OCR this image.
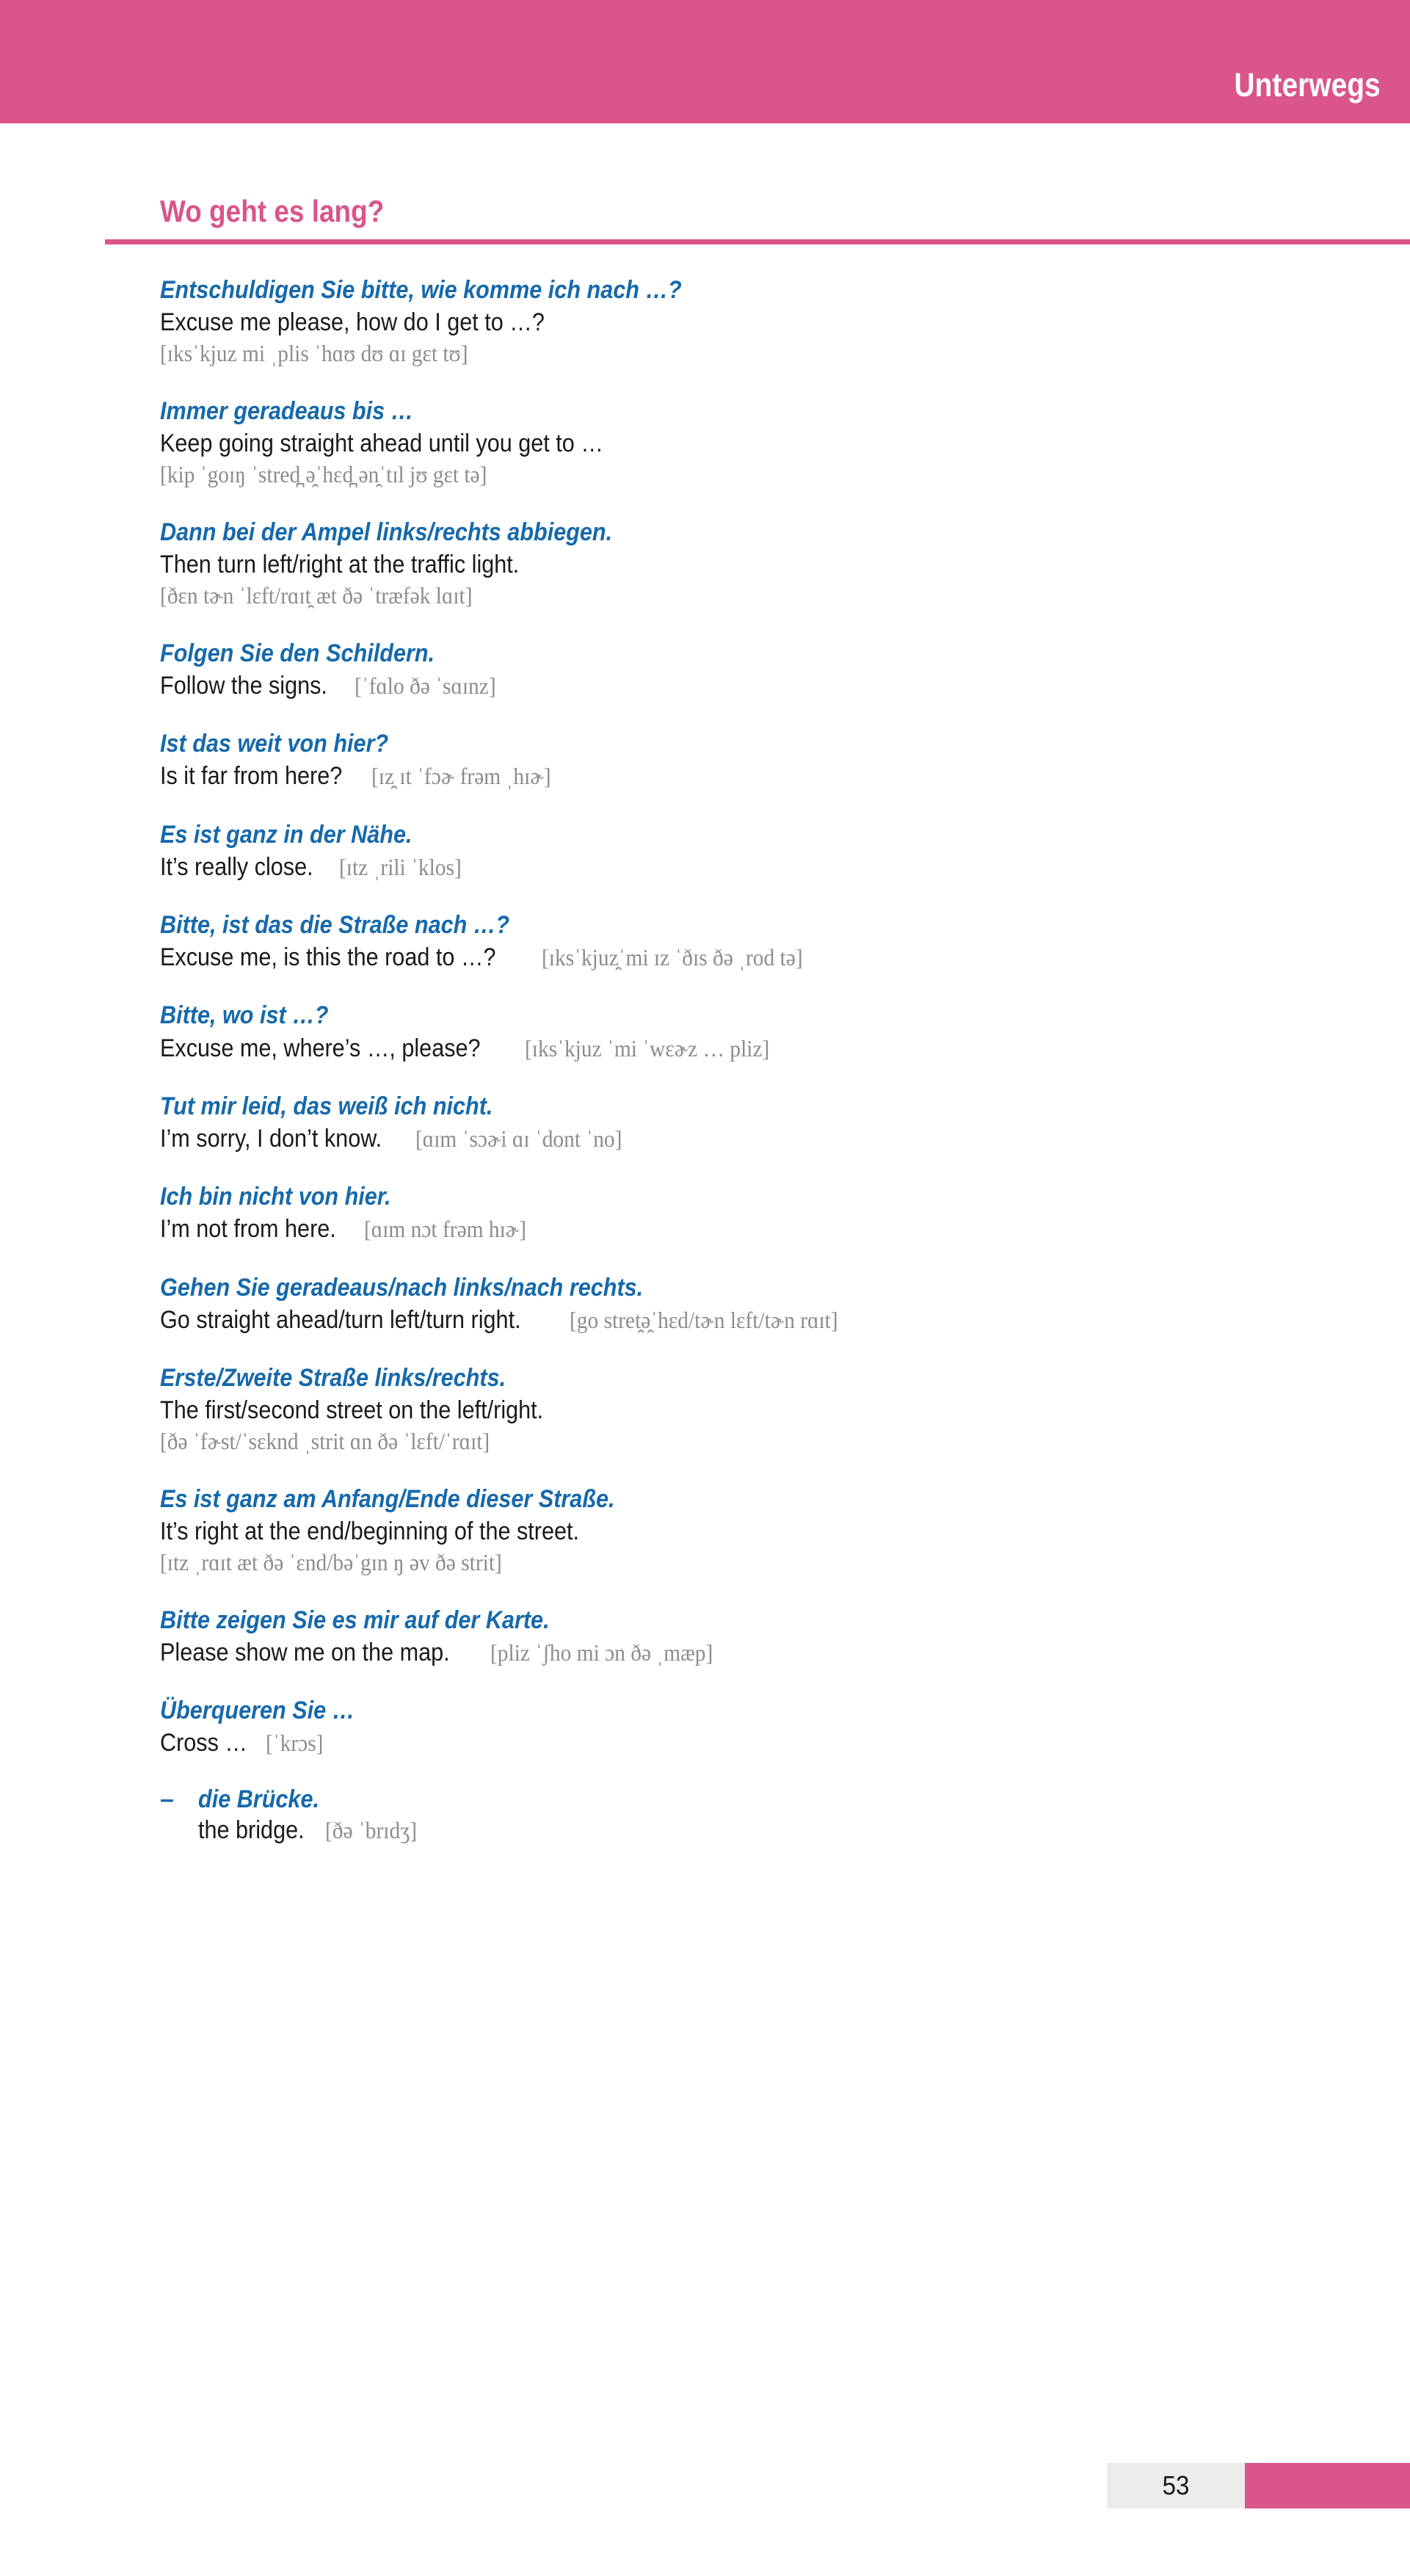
Unterwegs
Wo geht es lang?
Entschuldigen Sie bitte, wie komme ich nach …?
Excuse me please, how do I get to …?
[ɪksˈkjuz mi ˌplis ˈhɑʊ dʊ ɑɪ gɛt tʊ]
Immer geradeaus bis …
Keep going straight ahead until you get to …
[kip ˈgoɪŋ ˈstred̪ ə̯ˈhɛd̪ ən̯ˈtɪl jʊ gɛt tə]
Dann bei der Ampel links/rechts abbiegen.
Then turn left/right at the traffic light.
[ðɛn tɚn ˈlɛft/rɑɪt̯ æt ðə ˈtræfək lɑɪt]
Folgen Sie den Schildern.
Follow the signs. [ˈfɑlo ðə ˈsɑɪnz]
Ist das weit von hier?
Is it far from here? [ɪz̯ ɪt ˈfɔɚ frəm ˌhɪɚ]
Es ist ganz in der Nähe.
It’s really close. [ɪtz ˌrili ˈklos]
Bitte, ist das die Straße nach …?
Excuse me, is this the road to …? [ɪksˈkjuz̯ˈmi ɪz ˈðɪs ðə ˌrod tə]
Bitte, wo ist …?
Excuse me, where’s …, please? [ɪksˈkjuz ˈmi ˈwɛɚz … pliz]
Tut mir leid, das weiß ich nicht.
I’m sorry, I don’t know. [ɑɪm ˈsɔɚi ɑɪ ˈdont ˈno]
Ich bin nicht von hier.
I’m not from here. [ɑɪm nɔt frəm hɪɚ]
Gehen Sie geradeaus/nach links/nach rechts.
Go straight ahead/turn left/turn right. [go stret̯ə̯ˈhɛd/tɚn lɛft/tɚn rɑɪt]
Erste/Zweite Straße links/rechts.
The first/second street on the left/right.
[ðə ˈfɚst/ˈsɛknd ˌstrit ɑn ðə ˈlɛft/ˈrɑɪt]
Es ist ganz am Anfang/Ende dieser Straße.
It’s right at the end/beginning of the street.
[ɪtz ˌrɑɪt æt ðə ˈɛnd/bəˈgɪn ŋ əv ðə strit]
Bitte zeigen Sie es mir auf der Karte.
Please show me on the map. [pliz ˈʃho mi ɔn ðə ˌmæp]
Überqueren Sie …
Cross … [ˈkrɔs]
– die Brücke.
the bridge. [ðə ˈbrɪdʒ]
53
